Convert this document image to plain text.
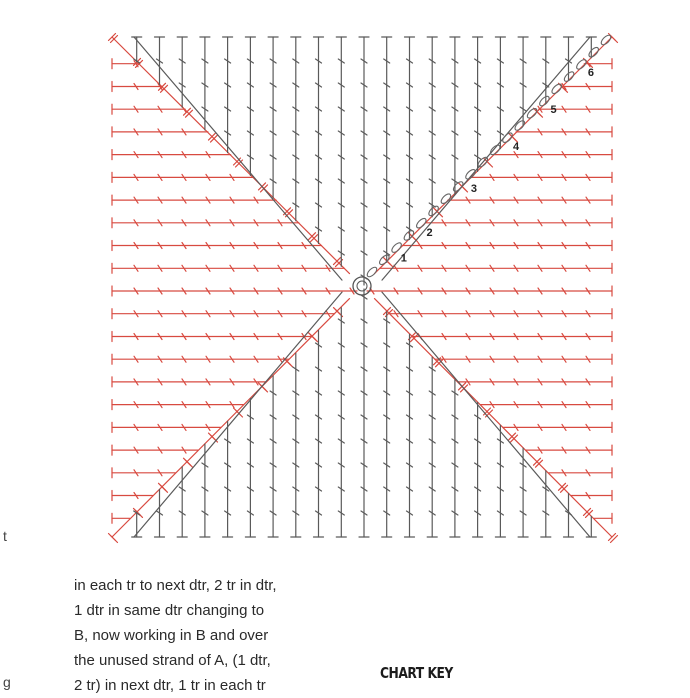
1
2
3
4
5
6
t
g
in each tr to next dtr, 2 tr in dtr,
1 dtr in same dtr changing to
B, now working in B and over
the unused strand of A, (1 dtr,
2 tr) in next dtr, 1 tr in each tr
CHART KEY
